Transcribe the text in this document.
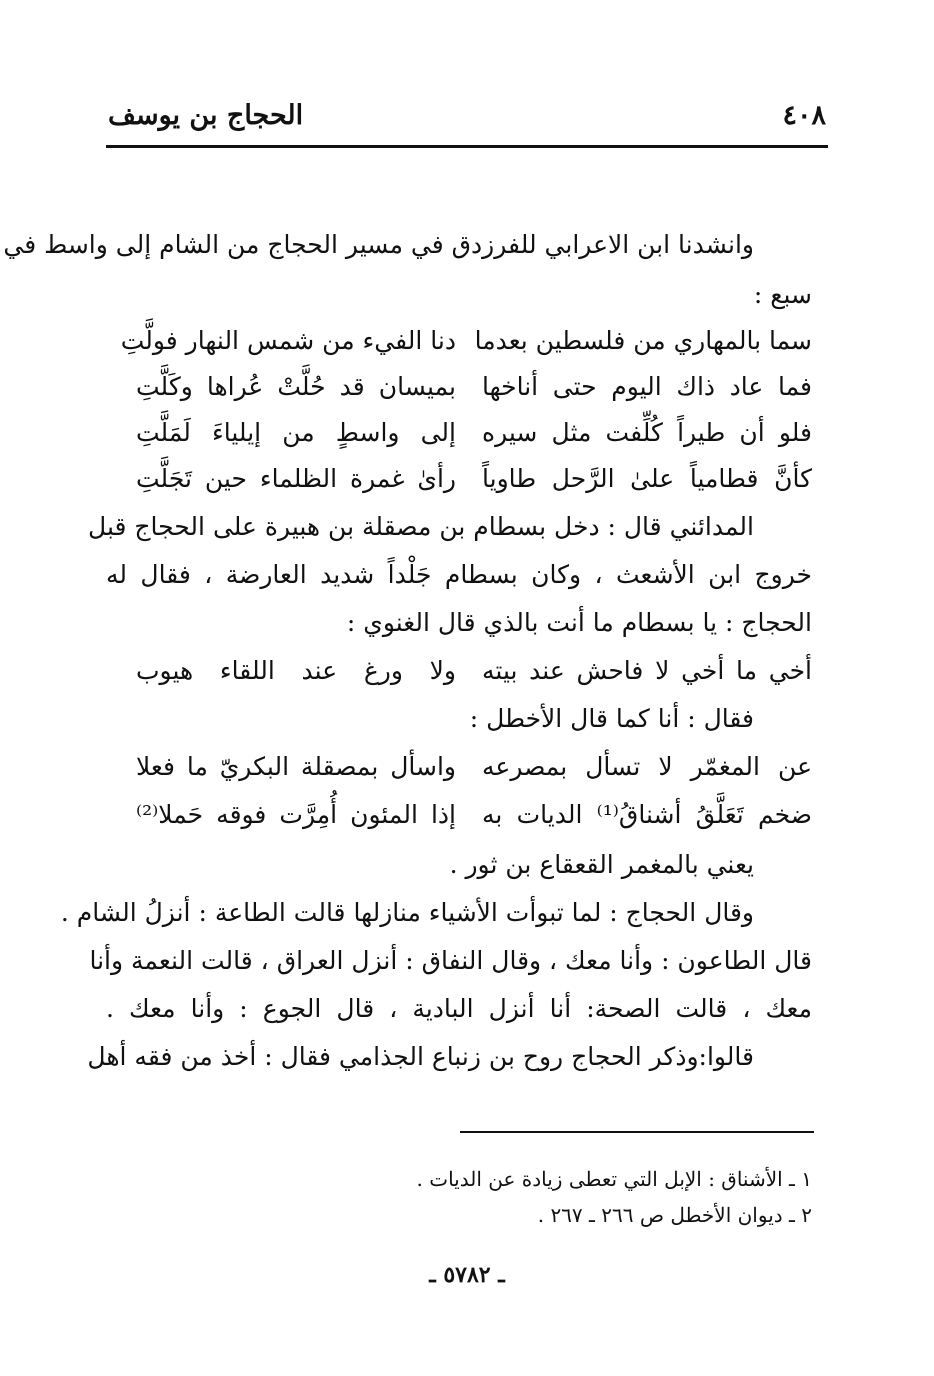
٤٠٨
الحجاج بن يوسف
وانشدنا ابن الاعرابي للفرزدق في مسير الحجاج من الشام إلى واسط في
سبع :
سما بالمهاري من فلسطين بعدما
دنا الفيء من شمس النهار فولَّتِ
فما عاد ذاك اليوم حتى أناخها
بميسان قد حُلَّتْ عُراها وكَلَّتِ
فلو أن طيراً كُلِّفت مثل سيره
إلى واسطٍ من إيلياءَ لَمَلَّتِ
كأنَّ قطامياً علىٰ الرَّحل طاوياً
رأىٰ غمرة الظلماء حين تَجَلَّتِ
المدائني قال : دخل بسطام بن مصقلة بن هبيرة على الحجاج قبل
خروج ابن الأشعث ، وكان بسطام جَلْداً شديد العارضة ، فقال له
الحجاج : يا بسطام ما أنت بالذي قال الغنوي :
أخي ما أخي لا فاحش عند بيته
ولا ورغ عند اللقاء هيوب
فقال : أنا كما قال الأخطل :
عن المغمّر لا تسأل بمصرعه
واسأل بمصقلة البكريّ ما فعلا
ضخم تَعَلَّقُ أشناقُ⁽¹⁾ الديات به
إذا المئون أُمِرَّت فوقه حَملا⁽²⁾
يعني بالمغمر القعقاع بن ثور .
وقال الحجاج : لما تبوأت الأشياء منازلها قالت الطاعة : أنزلُ الشام .
قال الطاعون : وأنا معك ، وقال النفاق : أنزل العراق ، قالت النعمة وأنا
معك ، قالت الصحة: أنا أنزل البادية ، قال الجوع : وأنا معك .
قالوا:وذكر الحجاج روح بن زنباع الجذامي فقال : أخذ من فقه أهل
١ ـ الأشناق : الإبل التي تعطى زيادة عن الديات .
٢ ـ ديوان الأخطل ص ٢٦٦ ـ ٢٦٧ .
ـ ٥٧٨٢ ـ
